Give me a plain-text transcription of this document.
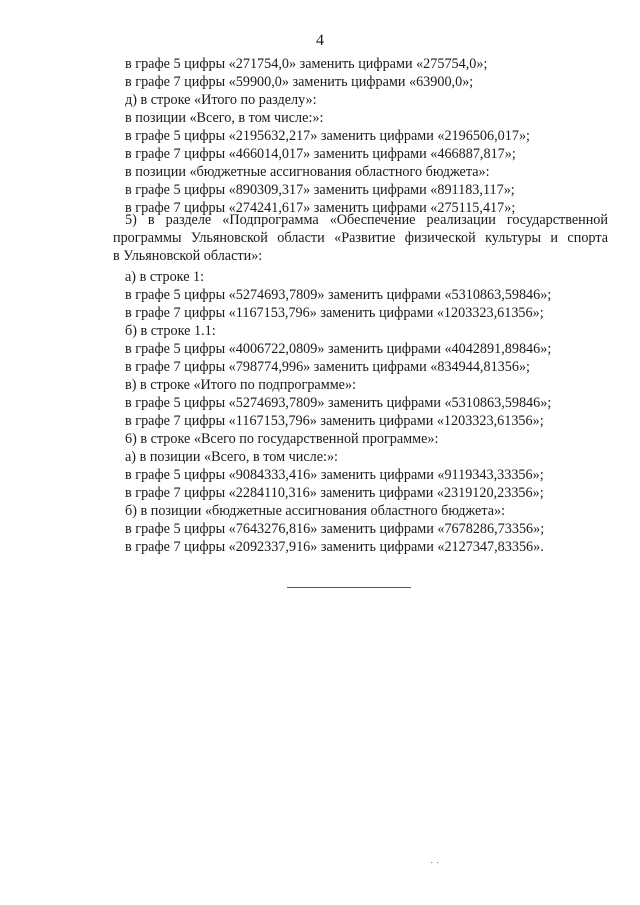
4
в графе 5 цифры «271754,0» заменить цифрами «275754,0»;
в графе 7 цифры «59900,0» заменить цифрами «63900,0»;
д) в строке «Итого по разделу»:
в позиции «Всего, в том числе:»:
в графе 5 цифры «2195632,217» заменить цифрами «2196506,017»;
в графе 7 цифры «466014,017» заменить цифрами «466887,817»;
в позиции «бюджетные ассигнования областного бюджета»:
в графе 5 цифры «890309,317» заменить цифрами «891183,117»;
в графе 7 цифры «274241,617» заменить цифрами «275115,417»;
5) в разделе «Подпрограмма «Обеспечение реализации государственной
программы Ульяновской области «Развитие физической культуры и спорта
в Ульяновской области»:
а) в строке 1:
в графе 5 цифры «5274693,7809» заменить цифрами «5310863,59846»;
в графе 7 цифры «1167153,796» заменить цифрами «1203323,61356»;
б) в строке 1.1:
в графе 5 цифры «4006722,0809» заменить цифрами «4042891,89846»;
в графе 7 цифры «798774,996» заменить цифрами «834944,81356»;
в) в строке «Итого по подпрограмме»:
в графе 5 цифры «5274693,7809» заменить цифрами «5310863,59846»;
в графе 7 цифры «1167153,796» заменить цифрами «1203323,61356»;
6) в строке «Всего по государственной программе»:
а) в позиции «Всего, в том числе:»:
в графе 5 цифры «9084333,416» заменить цифрами «9119343,33356»;
в графе 7 цифры «2284110,316» заменить цифрами «2319120,23356»;
б) в позиции «бюджетные ассигнования областного бюджета»:
в графе 5 цифры «7643276,816» заменить цифрами «7678286,73356»;
в графе 7 цифры «2092337,916» заменить цифрами «2127347,83356».
⋅ ⋅
